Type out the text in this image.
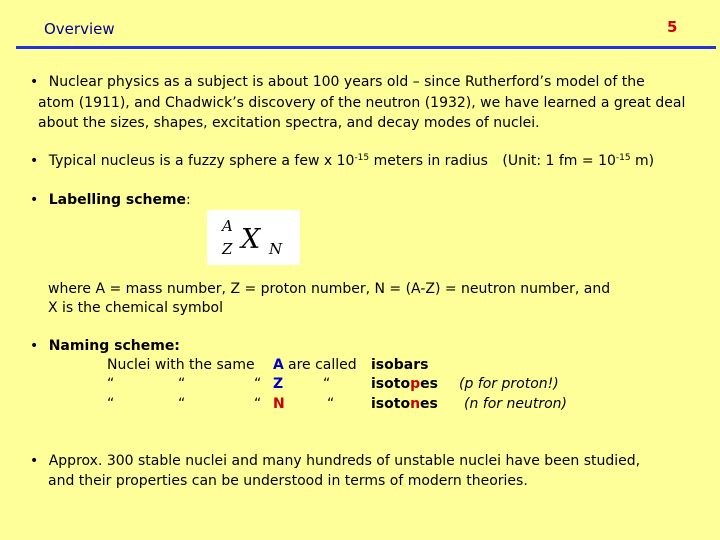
Overview	5
• Nuclear physics as a subject is about 100 years old – since Rutherford’s model of the
atom (1911), and Chadwick’s discovery of the neutron (1932), we have learned a great deal
about the sizes, shapes, excitation spectra, and decay modes of nuclei.
• Typical nucleus is a fuzzy sphere a few x $10^{-15}$ meters in radius (Unit: 1 fm = $10^{-15}$ m)
• Labelling scheme:
A
Z X N
where A = mass number, Z = proton number, N = (A-Z) = neutron number, and
X is the chemical symbol
• Naming scheme:
Nuclei with the same A are called isobars
“	“	“ Z	“	isotopes (p for proton!)
“	“	“ N	“	isotones (n for neutron)
• Approx. 300 stable nuclei and many hundreds of unstable nuclei have been studied,
and their properties can be understood in terms of modern theories.
